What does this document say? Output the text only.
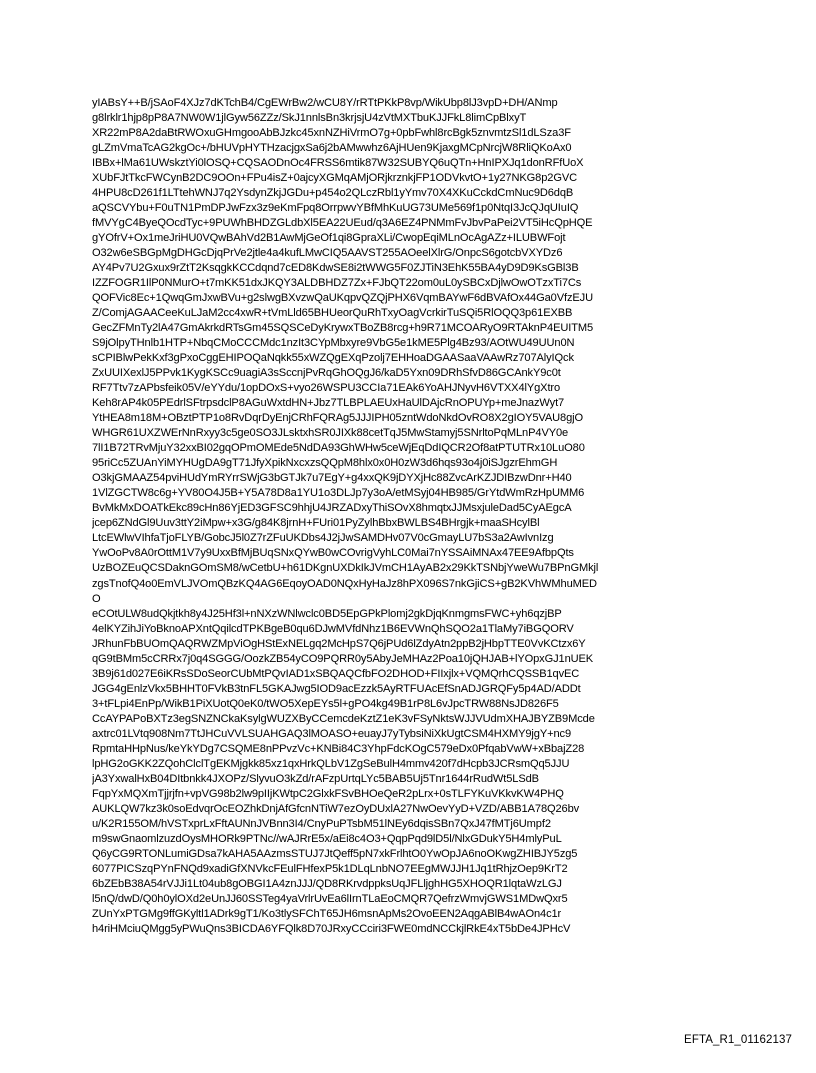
yIABsY++B/jSAoF4XJz7dKTchB4/CgEWrBw2/wCU8Y/rRTtPKkP8vp/WikUbp8lJ3vpD+DH/ANmp
g8lrklr1hjp8pP8A7NW0W1jlGyw56ZZz/SkJ1nnlsBn3krjsjU4zVtMXTbuKJJFkL8limCpBlxyT
XR22mP8A2daBtRWOxuGHmgooAbBJzkc45xnNZHiVrmO7g+0pbFwhl8rcBgk5znvmtzSl1dLSza3F
gLZmVmaTcAG2kgOc+/bHUVpHYTHzacjgxSa6j2bAMwwhz6AjHUen9KjaxgMCpNrcjW8RliQKoAx0
IBBx+lMa61UWskztYi0lOSQ+CQSAODnOc4FRSS6mtik87W32SUBYQ6uQTn+HnIPXJq1donRFfUoX
XUbFJtTkcFWCynB2DC9OOn+FPu4isZ+0ajcyXGMqAMjORjkrznkjFP1ODVkvtO+1y27NKG8p2GVC
4HPU8cD261f1LTtehWNJ7q2YsdynZkjJGDu+p454o2QLczRbl1yYmv70X4XKuCckdCmNuc9D6dqB
aQSCVYbu+F0uTN1PmDPJwFzx3z9eKmFpq8OrrpwvYBfMhKuUG73UMe569f1p0NtqI3JcQJqUIuIQ
fMVYgC4ByeQOcdTyc+9PUWhBHDZGLdbXl5EA22UEud/q3A6EZ4PNMmFvJbvPaPei2VT5iHcQpHQE
gYOfrV+Ox1meJriHU0VQwBAhVd2B1AwMjGeOf1qi8GpraXLi/CwopEqiMLnOcAgAZz+ILUBWFojt
O32w6eSBGpMgDHGcDjqPrVe2jtle4a4kufLMwCIQ5AAVST255AOeelXlrG/OnpcS6gotcbVXYDz6
AY4Pv7U2Gxux9rZtT2KsqgkKCCdqnd7cED8KdwSE8i2tWWG5F0ZJTiN3EhK55BA4yD9D9KsGBl3B
IZZFOGR1IlP0NMurO+t7mKK51dxJKQY3ALDBHDZ7Zx+FJbQT22om0uL0ySBCxDjlwOwOTzxTi7Cs
QOFVic8Ec+1QwqGmJxwBVu+g2slwgBXvzwQaUKqpvQZQjPHX6VqmBAYwF6dBVAfOx44Ga0VfzEJU
Z/ComjAGAACeeKuLJaM2cc4xwR+tVmLld65BHUeorQuRhTxyOagVcrkirTuSQi5RlOQQ3p61EXBB
GecZFMnTy2lA47GmAkrkdRTsGm45SQSCeDyKrywxTBoZB8rcg+h9R71MCOARyO9RTAknP4EUITM5
S9jOlpyTHnlb1HTP+NbqCMoCCCMdc1nzIt3CYpMbxyre9VbG5e1kME5Plg4Bz93/AOtWU49UUn0N
sCPIBlwPekKxf3gPxoCggEHIPOQaNqkk55xWZQgEXqPzolj7EHHoaDGAASaaVAAwRz707AlyIQck
ZxUUIXexlJ5PPvk1KygKSCc9uagiA3sSccnjPvRqGhOQgJ6/kaD5Yxn09DRhSfvD86GCAnkY9c0t
RF7Ttv7zAPbsfeik05V/eYYdu/1opDOxS+vyo26WSPU3CCIa71EAk6YoAHJNyvH6VTXX4lYgXtro
Keh8rAP4k05PEdrlSFtrpsdclP8AGuWxtdHN+Jbz7TLBPLAEUxHaUlDAjcRnOPUYp+meJnazWyt7
YtHEA8m18M+OBztPTP1o8RvDqrDyEnjCRhFQRAg5JJJIPH05zntWdoNkdOvRO8X2gIOY5VAU8gjO
WHGR61UXZWErNnRxyy3c5ge0SO3JLsktxhSR0JIXk88cetTqJ5MwStamyj5SNrltoPqMLnP4VY0e
7lI1B72TRvMjuY32xxBI02gqOPmOMEde5NdDA93GhWHw5ceWjEqDdIQCR2Of8atPTUTRx10LuO80
95riCc5ZUAnYiMYHUgDA9gT71JfyXpikNxcxzsQQpM8hlx0x0H0zW3d6hqs93o4j0iSJgzrEhmGH
O3kjGMAAZ54pviHUdYmRYrrSWjG3bGTJk7u7EgY+g4xxQK9jDYXjHc88ZvcArKZJDIBzwDnr+H40
1VlZGCTW8c6g+YV80O4J5B+Y5A78D8a1YU1o3DLJp7y3oA/etMSyj04HB985/GrYtdWmRzHpUMM6
BvMkMxDOATkEkc89cHn86YjED3GFSC9hhjU4JRZADxyThiSOvX8hmqtxJJMsxjuleDad5CyAEgcA
jcep6ZNdGl9Uuv3ttY2iMpw+x3G/g84K8jrnH+FUri01PyZylhBbxBWLBS4BHrgjk+maaSHcylBl
LtcEWlwVIhfaTjoFLYB/GobcJ5l0Z7rZFuUKDbs4J2jJwSAMDHv07V0cGmayLU7bS3a2AwIvnIzg
YwOoPv8A0rOttM1V7y9UxxBfMjBUqSNxQYwB0wCOvrigVyhLC0Mai7nYSSAiMNAx47EE9AfbpQts
UzBOZEuQCSDaknGOmSM8/wCetbU+h61DKgnUXDkIkJVmCH1AyAB2x29KkTSNbjYweWu7BPnGMkjl
zgsTnofQ4o0EmVLJVOmQBzKQ4AG6EqoyOAD0NQxHyHaJz8hPX096S7nkGjiCS+gB2KVhWMhuMED
O
eCOtULW8udQkjtkh8y4J25Hf3l+nNXzWNlwclc0BD5EpGPkPlomj2gkDjqKnmgmsFWC+yh6qzjBP
4elKYZihJiYoBknoAPXntQqilcdTPKBgeB0qu6DJwMVfdNhz1B6EVWnQhSQO2a1TlaMy7iBGQORV
JRhunFbBUOmQAQRWZMpViOgHStExNELgq2McHpS7Q6jPUd6lZdyAtn2ppB2jHbpTTE0VvKCtzx6Y
qG9tBMm5cCRRx7j0q4SGGG/OozkZB54yCO9PQRR0y5AbyJeMHAz2Poa10jQHJAB+lYOpxGJ1nUEK
3B9j61d027E6iKRsSDoSeorCUbMtPQvIAD1xSBQAQCfbFO2DHOD+FIIxjlx+VQMQrhCQSSB1qvEC
JGG4gEnlzVkx5BHHT0FVkB3tnFL5GKAJwg5IOD9acEzzk5AyRTFUAcEfSnADJGRQFy5p4AD/ADDt
3+tFLpi4EnPp/WikB1PiXUotQ0eK0/tWO5XepEYs5l+gPO4kg49B1rP8L6vJpcTRW88NsJD826F5
CcAYPAPoBXTz3egSNZNCkaKsylgWUZXByCCemcdeKztZ1eK3vFSyNktsWJJVUdmXHAJBYZB9Mcde
axtrc01LVtq908Nm7TtJHCuVVLSUAHGAQ3lMOASO+euayJ7yTybsiNiXkUgtCSM4HXMY9jgY+nc9
RpmtaHHpNus/keYkYDg7CSQME8nPPvzVc+KNBi84C3YhpFdcKOgC579eDx0PfqabVwW+xBbajZ28
lpHG2oGKK2ZQohClclTgEKMjgkk85xz1qxHrkQLbV1ZgSeBulH4mmv420f7dHcpb3JCRsmQq5JJU
jA3YxwalHxB04DItbnkk4JXOPz/SlyvuO3kZd/rAFzpUrtqLYc5BAB5Uj5Tnr1644rRudWt5LSdB
FqpYxMQXmTjjrjfn+vpVG98b2lw9pIIjKWtpC2GlxkFSvBHOeQeR2pLrx+0sTLFYKuVKkvKW4PHQ
AUKLQW7kz3k0soEdvqrOcEOZhkDnjAfGfcnNTiW7ezOyDUxlA27NwOevYyD+VZD/ABB1A78Q26bv
u/K2R155OM/hVSTxprLxFftAUNnJVBnn3I4/CnyPuPTsbM51lNEy6dqisSBn7QxJ47fMTj6Umpf2
m9swGnaomlzuzdOysMHORk9PTNc//wAJRrE5x/aEi8c4O3+QqpPqd9lD5l/NlxGDukY5H4mlyPuL
Q6yCG9RTONLumiGDsa7kAHA5AAzmsSTUJ7JtQeff5pN7xkFrlhtO0YwOpJA6noOKwgZHIBJY5zg5
6077PICSzqPYnFNQd9xadiGfXNVkcFEulFHfexP5k1DLqLnbNO7EEgMWJJH1Jq1tRhjzOep9KrT2
6bZEbB38A54rVJJi1Lt04ub8gOBGI1A4znJJJ/QD8RKrvdppksUqJFLljghHG5XHOQR1lqtaWzLGJ
l5nQ/dwD/Q0h0ylOXd2eUnJJ60SSTeg4yaVrlrUvEa6lIrnTLaEoCMQR7QefrzWmvjGWS1MDwQxr5
ZUnYxPTGMg9ffGKyltl1ADrk9gT1/Ko3tlySFChT65JH6msnApMs2OvoEEN2AqgABlB4wAOn4c1r
h4riHMciuQMgg5yPWuQns3BICDA6YFQlk8D70JRxyCCciri3FWE0mdNCCkjlRkE4xT5bDe4JPHcV
EFTA_R1_01162137
